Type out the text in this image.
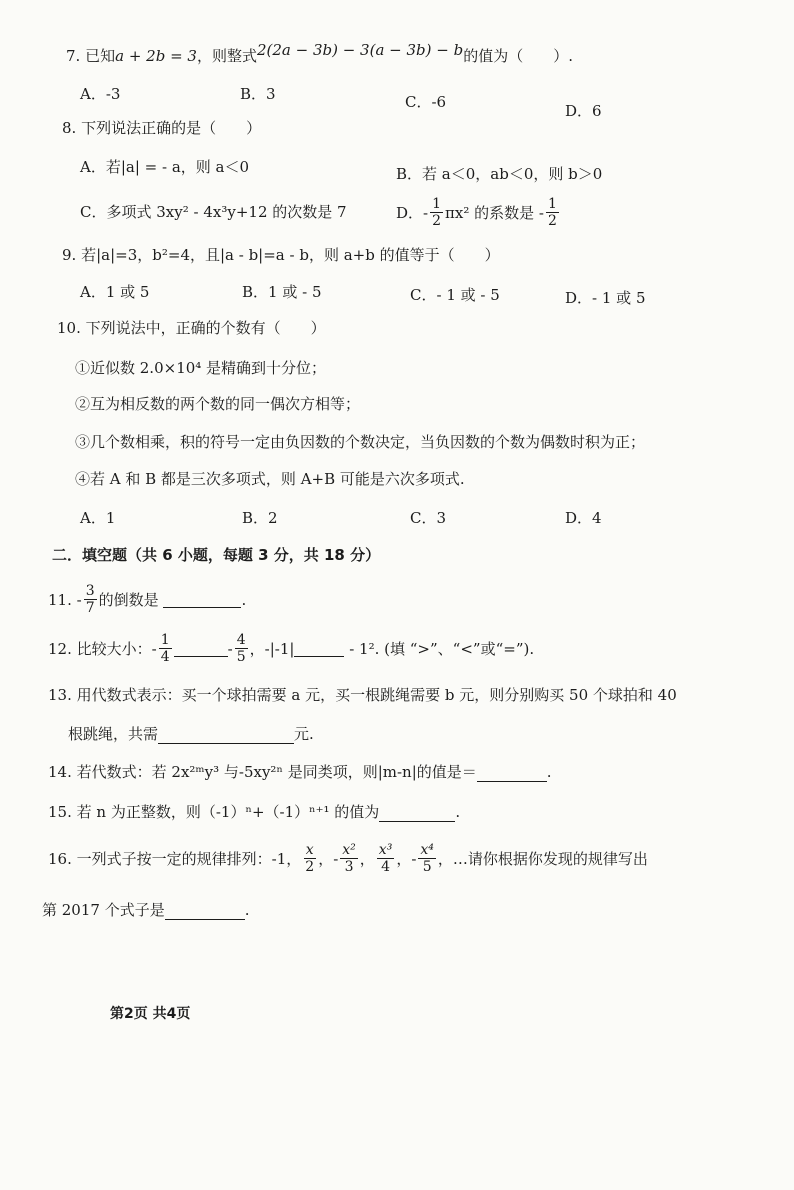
7. 已知a + 2b = 3，则整式2(2a − 3b) − 3(a − 3b) − b的值为（　　）.
A．-3	B．3	C．-6	D．6
8. 下列说法正确的是（　　）
A．若|a| = - a，则 a＜0	B．若 a＜0，ab＜0，则 b＞0
C．多项式 3xy² - 4x³y+12 的次数是 7	D．- $\frac{1}{2} \pi x^2$ 的系数是 - $\frac{1}{2}$
9. 若|a|=3，b²=4，且|a - b|=a - b，则 a+b 的值等于（　　）
A．1 或 5	B．1 或 - 5	C．- 1 或 - 5	D．- 1 或 5
10. 下列说法中，正确的个数有（　　）
①近似数 2.0×10⁴ 是精确到十分位；
②互为相反数的两个数的同一偶次方相等；
③几个数相乘，积的符号一定由负因数的个数决定，当负因数的个数为偶数时积为正；
④若 A 和 B 都是三次多项式，则 A+B 可能是六次多项式.
A．1	B．2	C．3	D．4
二．填空题（共 6 小题，每题 3 分，共 18 分）
11.
- $\frac{3}{7}$ 的倒数是
	.
12.
比较大小：- $\frac{1}{4}$	- $\frac{4}{5}$ ，-|-1|
	- 1². (填 “>”、“<”或“=”).
13. 用代数式表示：买一个球拍需要 a 元，买一根跳绳需要 b 元，则分别购买 50 个球拍和 40
根跳绳，共需	元.
14. 若代数式：若 2x²ᵐy³ 与-5xy²ⁿ 是同类项，则|m-n|的值是＝	.
15. 若 n 为正整数，则（-1）ⁿ+（-1）ⁿ⁺¹ 的值为	.
16.
一列式子按一定的规律排列：-1， $\frac{x}{2}$ ，- $\frac{\text{x²}}{3}$ ， $\frac{\text{x³}}{4}$ ，- $\frac{\text{x⁴}}{5}$ ，…请你根据你发现的规律写出
第 2017 个式子是	.
第2页 共4页
